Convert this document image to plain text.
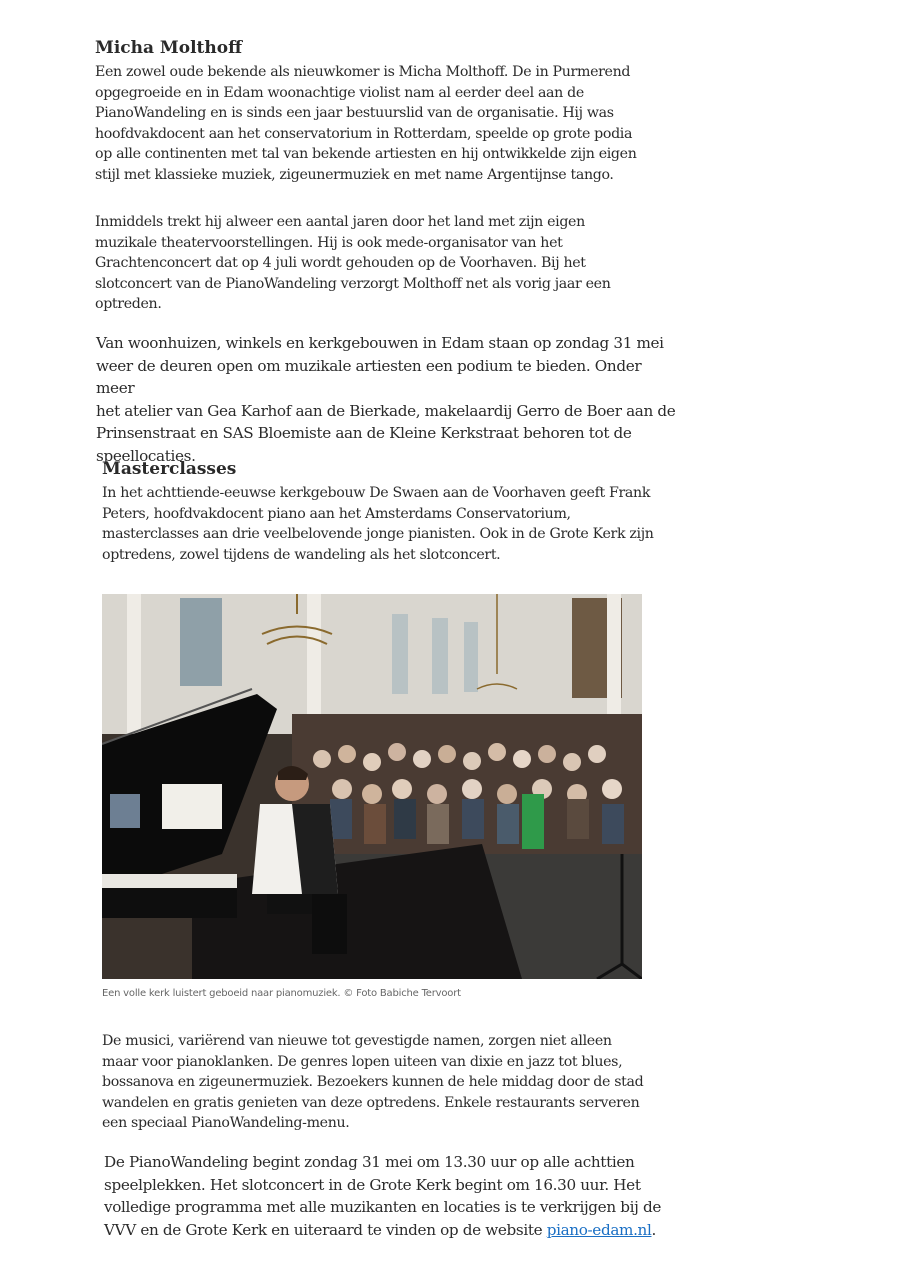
Micha Molthoff
Een zowel oude bekende als nieuwkomer is Micha Molthoff. De in Purmerend
opgegroeide en in Edam woonachtige violist nam al eerder deel aan de
PianoWandeling en is sinds een jaar bestuurslid van de organisatie. Hij was
hoofdvakdocent aan het conservatorium in Rotterdam, speelde op grote podia
op alle continenten met tal van bekende artiesten en hij ontwikkelde zijn eigen
stijl met klassieke muziek, zigeunermuziek en met name Argentijnse tango.
Inmiddels trekt hij alweer een aantal jaren door het land met zijn eigen
muzikale theatervoorstellingen. Hij is ook mede-organisator van het
Grachtenconcert dat op 4 juli wordt gehouden op de Voorhaven. Bij het
slotconcert van de PianoWandeling verzorgt Molthoff net als vorig jaar een
optreden.
Van woonhuizen, winkels en kerkgebouwen in Edam staan op zondag 31 mei
weer de deuren open om muzikale artiesten een podium te bieden. Onder meer
het atelier van Gea Karhof aan de Bierkade, makelaardij Gerro de Boer aan de
Prinsenstraat en SAS Bloemiste aan de Kleine Kerkstraat behoren tot de
speellocaties.
Masterclasses
In het achttiende-eeuwse kerkgebouw De Swaen aan de Voorhaven geeft Frank
Peters, hoofdvakdocent piano aan het Amsterdams Conservatorium,
masterclasses aan drie veelbelovende jonge pianisten. Ook in de Grote Kerk zijn
optredens, zowel tijdens de wandeling als het slotconcert.
Een volle kerk luistert geboeid naar pianomuziek. © Foto Babiche Tervoort
De musici, variërend van nieuwe tot gevestigde namen, zorgen niet alleen
maar voor pianoklanken. De genres lopen uiteen van dixie en jazz tot blues,
bossanova en zigeunermuziek. Bezoekers kunnen de hele middag door de stad
wandelen en gratis genieten van deze optredens. Enkele restaurants serveren
een speciaal PianoWandeling-menu.
De PianoWandeling begint zondag 31 mei om 13.30 uur op alle achttien
speelplekken. Het slotconcert in de Grote Kerk begint om 16.30 uur. Het
volledige programma met alle muzikanten en locaties is te verkrijgen bij de
VVV en de Grote Kerk en uiteraard te vinden op de website piano-edam.nl.
